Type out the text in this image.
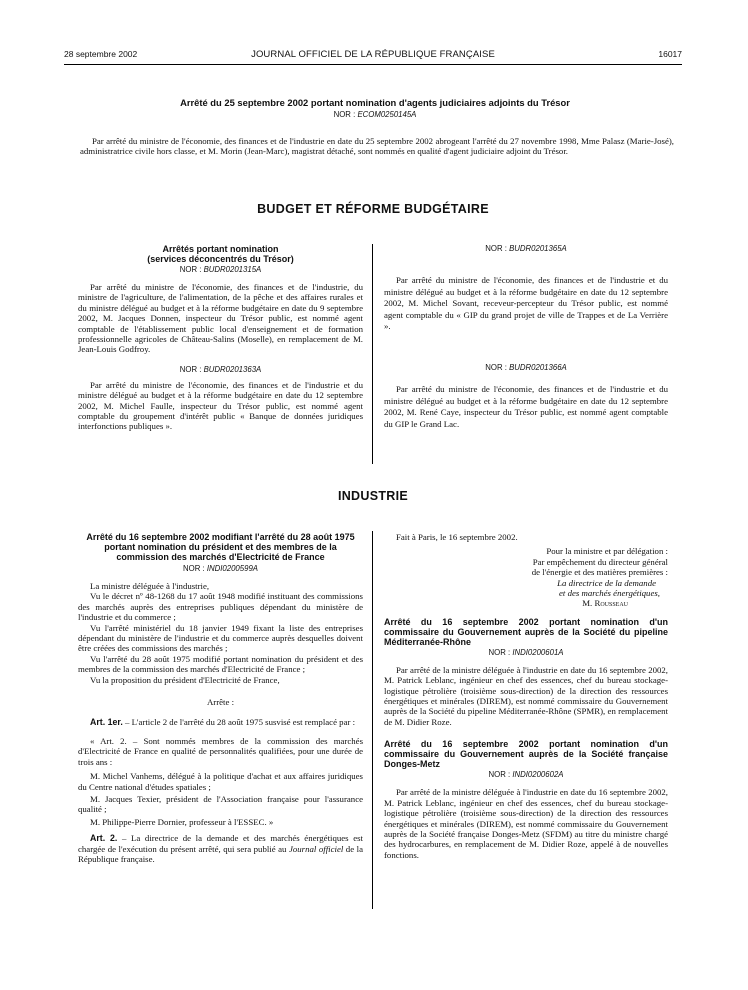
28 septembre 2002	JOURNAL OFFICIEL DE LA RÉPUBLIQUE FRANÇAISE	16017
Arrêté du 25 septembre 2002 portant nomination d'agents judiciaires adjoints du Trésor
NOR : ECOM0250145A
Par arrêté du ministre de l'économie, des finances et de l'industrie en date du 25 septembre 2002 abrogeant l'arrêté du 27 novembre 1998, Mme Palasz (Marie-José), administratrice civile hors classe, et M. Morin (Jean-Marc), magistrat détaché, sont nommés en qualité d'agent judiciaire adjoint du Trésor.
BUDGET ET RÉFORME BUDGÉTAIRE
Arrêtés portant nomination
(services déconcentrés du Trésor)
NOR : BUDR0201315A

Par arrêté du ministre de l'économie, des finances et de l'industrie, du ministre de l'agriculture, de l'alimentation, de la pêche et des affaires rurales et du ministre délégué au budget et à la réforme budgétaire en date du 9 septembre 2002, M. Jacques Donnen, inspecteur du Trésor public, est nommé agent comptable de l'établissement public local d'enseignement et de formation professionnelle agricoles de Château-Salins (Moselle), en remplacement de M. Jean-Louis Godfroy.

NOR : BUDR0201363A

Par arrêté du ministre de l'économie, des finances et de l'industrie et du ministre délégué au budget et à la réforme budgétaire en date du 12 septembre 2002, M. Michel Faulle, inspecteur du Trésor public, est nommé agent comptable du groupement d'intérêt public « Banque de données juridiques interfonctions publiques ».

NOR : BUDR0201365A

Par arrêté du ministre de l'économie, des finances et de l'industrie et du ministre délégué au budget et à la réforme budgétaire en date du 12 septembre 2002, M. Michel Sovant, receveur-percepteur du Trésor public, est nommé agent comptable du « GIP du grand projet de ville de Trappes et de La Verrière ».

NOR : BUDR0201366A

Par arrêté du ministre de l'économie, des finances et de l'industrie et du ministre délégué au budget et à la réforme budgétaire en date du 12 septembre 2002, M. René Caye, inspecteur du Trésor public, est nommé agent comptable du GIP le Grand Lac.

INDUSTRIE
Arrêté du 16 septembre 2002 modifiant l'arrêté du 28 août 1975 portant nomination du président et des membres de la commission des marchés d'Electricité de France
NOR : INDI0200599A

La ministre déléguée à l'industrie,

Vu le décret nº 48-1268 du 17 août 1948 modifié instituant des commissions des marchés auprès des entreprises publiques dépendant du ministère de l'industrie et du commerce ;

Vu l'arrêté ministériel du 18 janvier 1949 fixant la liste des entreprises dépendant du ministère de l'industrie et du commerce auprès desquelles doivent être créées des commissions des marchés ;

Vu l'arrêté du 28 août 1975 modifié portant nomination du président et des membres de la commission des marchés d'Electricité de France ;

Vu la proposition du président d'Electricité de France,

Arrête :

Art. 1er. – L'article 2 de l'arrêté du 28 août 1975 susvisé est remplacé par :

« Art. 2. – Sont nommés membres de la commission des marchés d'Electricité de France en qualité de personnalités qualifiées, pour une durée de trois ans :

M. Michel Vanhems, délégué à la politique d'achat et aux affaires juridiques du Centre national d'études spatiales ;

M. Jacques Texier, président de l'Association française pour l'assurance qualité ;

M. Philippe-Pierre Dornier, professeur à l'ESSEC. »

Art. 2. – La directrice de la demande et des marchés énergétiques est chargée de l'exécution du présent arrêté, qui sera publié au Journal officiel de la République française.

Fait à Paris, le 16 septembre 2002.

Pour la ministre et par délégation :

Par empêchement du directeur général

de l'énergie et des matières premières :

La directrice de la demande

et des marchés énergétiques,

M. Rousseau

Arrêté du 16 septembre 2002 portant nomination d'un commissaire du Gouvernement auprès de la Société du pipeline Méditerranée-Rhône
NOR : INDI0200601A

Par arrêté de la ministre déléguée à l'industrie en date du 16 septembre 2002, M. Patrick Leblanc, ingénieur en chef des essences, chef du bureau stockage-logistique pétrolière (troisième sous-direction) de la direction des ressources énergétiques et minérales (DIREM), est nommé commissaire du Gouvernement auprès de la Société du pipeline Méditerranée-Rhône (SPMR), en remplacement de M. Didier Roze.

Arrêté du 16 septembre 2002 portant nomination d'un commissaire du Gouvernement auprès de la Société française Donges-Metz
NOR : INDI0200602A

Par arrêté de la ministre déléguée à l'industrie en date du 16 septembre 2002, M. Patrick Leblanc, ingénieur en chef des essences, chef du bureau stockage-logistique pétrolière (troisième sous-direction) de la direction des ressources énergétiques et minérales (DIREM), est nommé commissaire du Gouvernement auprès de la Société française Donges-Metz (SFDM) au titre du ministre chargé des hydrocarbures, en remplacement de M. Didier Roze, appelé à de nouvelles fonctions.
